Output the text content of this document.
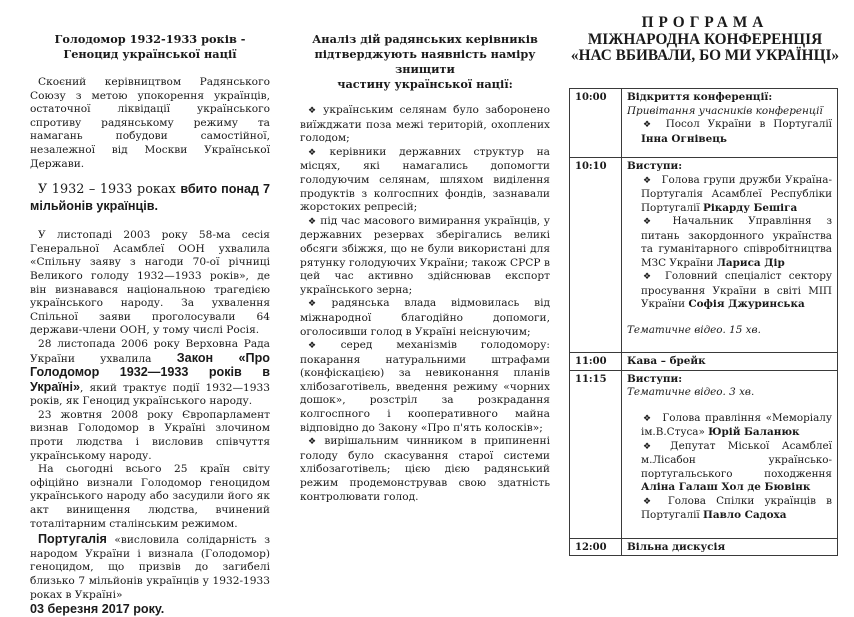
Голодомор 1932-1933 років -
Геноцид української нації

Скоєний керівництвом Радянського Союзу з метою упокорення українців, остаточної ліквідації українського спротиву радянському режиму та намагань побудови самостійної, незалежної від Москви Української Держави.

У 1932 – 1933 роках вбито понад 7 мільйонів українців.

У листопаді 2003 року 58-ма сесія Генеральної Асамблеї ООН ухвалила «Спільну заяву з нагоди 70-ої річниці Великого голоду 1932—1933 років», де він визнавався національною трагедією українського народу. За ухвалення Спільної заяви проголосували 64 держави-члени ООН, у тому числі Росія.

28 листопада 2006 року Верховна Рада України ухвалила Закон «Про Голодомор 1932—1933 років в Україні», який трактує події 1932—1933 років, як Геноцид українського народу.

23 жовтня 2008 року Європарламент визнав Голодомор в Україні злочином проти людства і висловив співчуття українському народу.

На сьогодні всього 25 країн світу офіційно визнали Голодомор геноцидом українського народу або засудили його як акт винищення людства, вчинений тоталітарним сталінським режимом.

Португалія «висловила солідарність з народом України і визнала (Голодомор) геноцидом, що призвів до загибелі близько 7 мільйонів українців у 1932-1933 роках в Україні»

03 березня 2017 року.
Аналіз дій радянських керівників
підтверджують наявність наміру знищити
частину української нації:

❖ українським селянам було заборонено виїжджати поза межі територій, охоплених голодом;

❖ керівники державних структур на місцях, які намагались допомогти голодуючим селянам, шляхом виділення продуктів з колгоспних фондів, зазнавали жорстоких репресій;

❖ під час масового вимирання українців, у державних резервах зберігались великі обсяги збіжжя, що не були використані для рятунку голодуючих України; також СРСР в цей час активно здійснював експорт українського зерна;

❖ радянська влада відмовилась від міжнародної благодійно допомоги, оголосивши голод в Україні неіснуючим;

❖ серед механізмів голодомору: покарання натуральними штрафами (конфіскацією) за невиконання планів хлібозаготівель, введення режиму «чорних дошок», розстріл за розкрадання колгоспного і кооперативного майна відповідно до Закону «Про п'ять колосків»;

❖ вирішальним чинником в припиненні голоду було скасування старої системи хлібозаготівель; цією дією радянський режим продемонстрував свою здатність контролювати голод.

ПРОГРАМА
МІЖНАРОДНА КОНФЕРЕНЦІЯ
«НАС ВБИВАЛИ, БО МИ УКРАЇНЦІ»
10:00	Відкриття конференції:
Привітання учасників конференції
❖ Посол України в Португалії Інна Огнівець

10:10	Виступи:
❖ Голова групи дружби Україна-Португалія Асамблеї Республіки Португалії Рікарду Бешіга
❖ Начальник Управління з питань закордонного українства та гуманітарного співробітництва МЗС України Лариса Дір
❖ Головний спеціаліст сектору просування України в світі МІП України Софія Джуринська
Тематичне відео. 15 хв.

11:00	Кава – брейк

11:15	Виступи:
Тематичне відео. 3 хв.
❖ Голова правління «Меморіалу ім.В.Стуса» Юрій Баланюк
❖ Депутат Міської Асамблеї м.Лісабон українсько-португальського походження Аліна Галаш Хол де Бювінк
❖ Голова Спілки українців в Португалії Павло Садоха

12:00	Вільна дискусія
